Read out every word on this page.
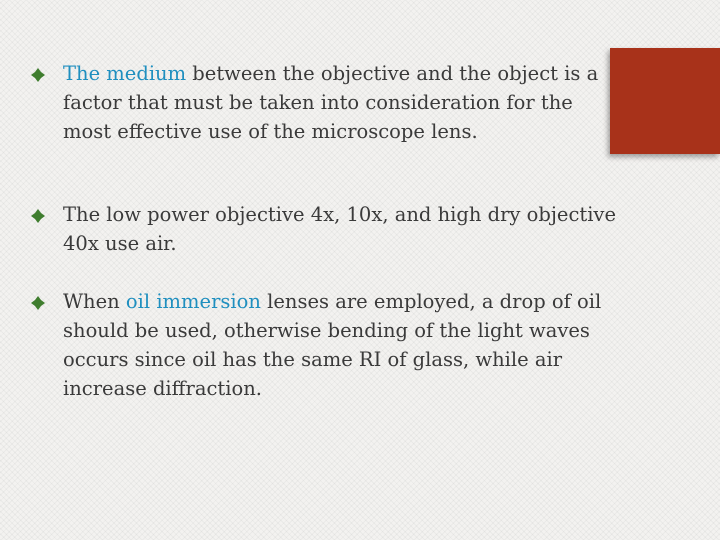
The medium between the objective and the object is a factor that must be taken into consideration for the most effective use of the microscope lens.
The low power objective 4x, 10x, and high dry objective 40x use air.
When oil immersion lenses are employed, a drop of oil should be used, otherwise bending of the light waves occurs since oil has the same RI of glass, while air increase diffraction.
